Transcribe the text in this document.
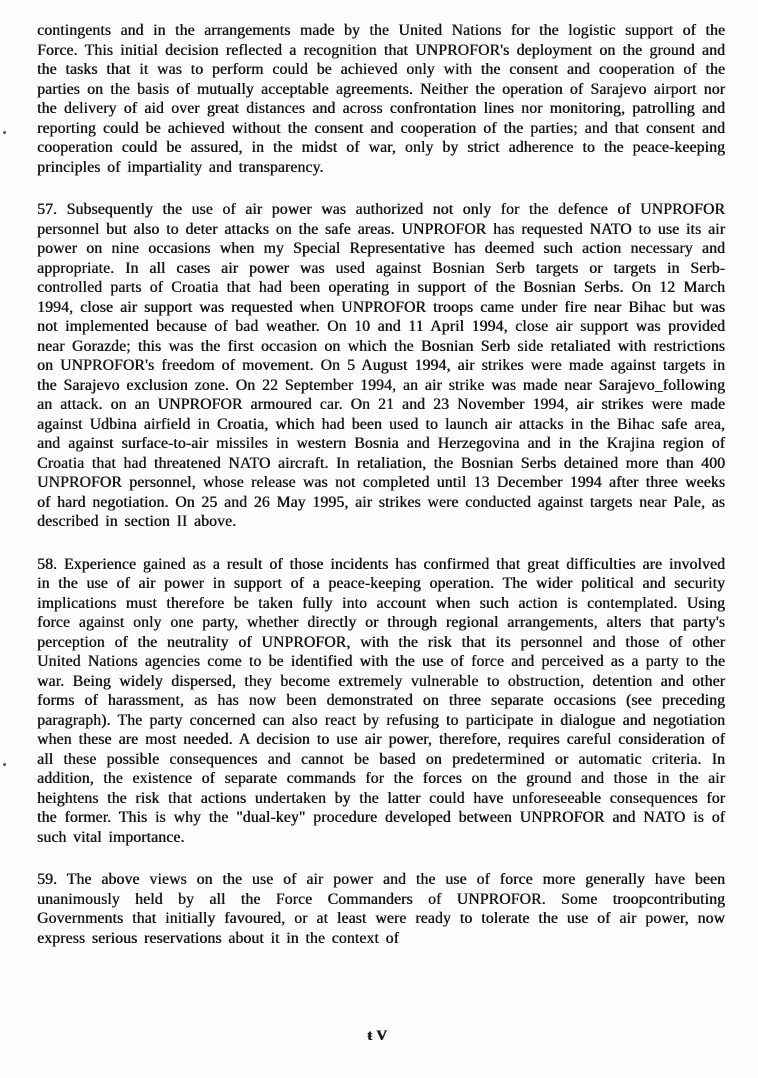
contingents and in the arrangements made by the United Nations for the logistic support of the Force. This initial decision reflected a recognition that UNPROFOR's deployment on the ground and the tasks that it was to perform could be achieved only with the consent and cooperation of the parties on the basis of mutually acceptable agreements. Neither the operation of Sarajevo airport nor the delivery of aid over great distances and across confrontation lines nor monitoring, patrolling and reporting could be achieved without the consent and cooperation of the parties; and that consent and cooperation could be assured, in the midst of war, only by strict adherence to the peace-keeping principles of impartiality and transparency.

57. Subsequently the use of air power was authorized not only for the defence of UNPROFOR personnel but also to deter attacks on the safe areas. UNPROFOR has requested NATO to use its air power on nine occasions when my Special Representative has deemed such action necessary and appropriate. In all cases air power was used against Bosnian Serb targets or targets in Serb-controlled parts of Croatia that had been operating in support of the Bosnian Serbs. On 12 March 1994, close air support was requested when UNPROFOR troops came under fire near Bihac but was not implemented because of bad weather. On 10 and 11 April 1994, close air support was provided near Gorazde; this was the first occasion on which the Bosnian Serb side retaliated with restrictions on UNPROFOR's freedom of movement. On 5 August 1994, air strikes were made against targets in the Sarajevo exclusion zone. On 22 September 1994, an air strike was made near Sarajevo_following an attack. on an UNPROFOR armoured car. On 21 and 23 November 1994, air strikes were made against Udbina airfield in Croatia, which had been used to launch air attacks in the Bihac safe area, and against surface-to-air missiles in western Bosnia and Herzegovina and in the Krajina region of Croatia that had threatened NATO aircraft. In retaliation, the Bosnian Serbs detained more than 400 UNPROFOR personnel, whose release was not completed until 13 December 1994 after three weeks of hard negotiation. On 25 and 26 May 1995, air strikes were conducted against targets near Pale, as described in section II above.

58. Experience gained as a result of those incidents has confirmed that great difficulties are involved in the use of air power in support of a peace-keeping operation. The wider political and security implications must therefore be taken fully into account when such action is contemplated. Using force against only one party, whether directly or through regional arrangements, alters that party's perception of the neutrality of UNPROFOR, with the risk that its personnel and those of other United Nations agencies come to be identified with the use of force and perceived as a party to the war. Being widely dispersed, they become extremely vulnerable to obstruction, detention and other forms of harassment, as has now been demonstrated on three separate occasions (see preceding paragraph). The party concerned can also react by refusing to participate in dialogue and negotiation when these are most needed. A decision to use air power, therefore, requires careful consideration of all these possible consequences and cannot be based on predetermined or automatic criteria. In addition, the existence of separate commands for the forces on the ground and those in the air heightens the risk that actions undertaken by the latter could have unforeseeable consequences for the former. This is why the "dual-key" procedure developed between UNPROFOR and NATO is of such vital importance.

59. The above views on the use of air power and the use of force more generally have been unanimously held by all the Force Commanders of UNPROFOR. Some troopcontributing Governments that initially favoured, or at least were ready to tolerate the use of air power, now express serious reservations about it in the context of

ŧV
